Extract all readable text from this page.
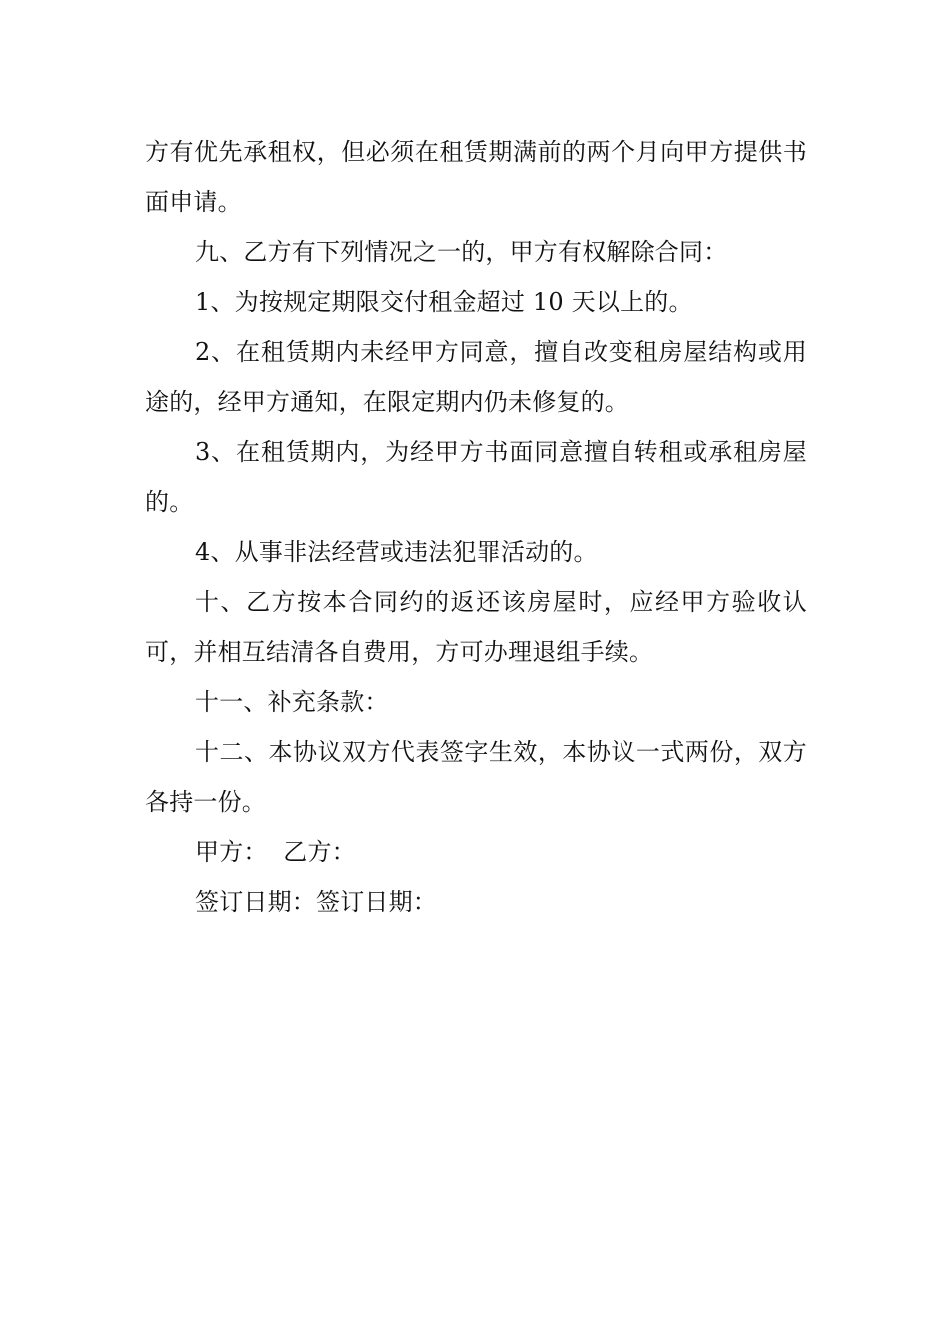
方有优先承租权，但必须在租赁期满前的两个月向甲方提供书面申请。

九、乙方有下列情况之一的，甲方有权解除合同：

1、为按规定期限交付租金超过 10 天以上的。

2、在租赁期内未经甲方同意，擅自改变租房屋结构或用途的，经甲方通知，在限定期内仍未修复的。

3、在租赁期内，为经甲方书面同意擅自转租或承租房屋的。

4、从事非法经营或违法犯罪活动的。

十、乙方按本合同约的返还该房屋时，应经甲方验收认可，并相互结清各自费用，方可办理退组手续。

十一、补充条款：

十二、本协议双方代表签字生效，本协议一式两份，双方各持一份。

甲方：  乙方：

签订日期：签订日期：
